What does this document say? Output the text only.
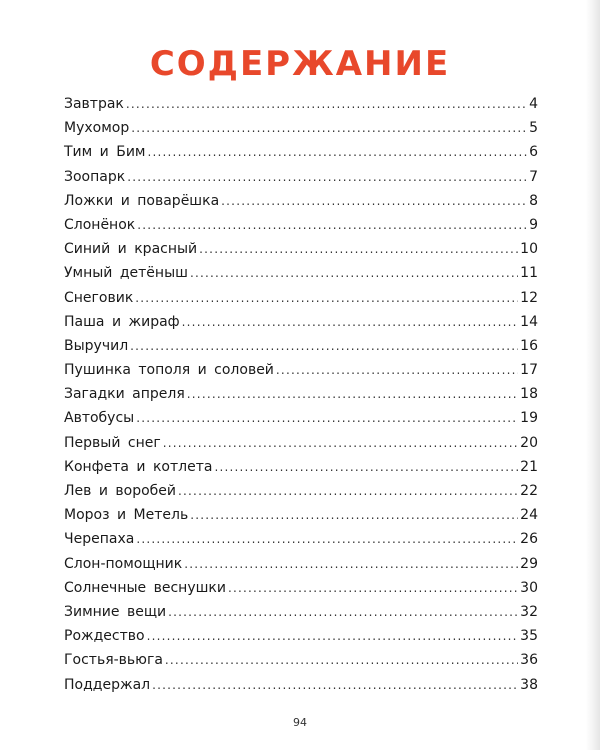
СОДЕРЖАНИЕ
Завтрак .....	4
Мухомор .....	5
Тим и Бим .....	6
Зоопарк .....	7
Ложки и поварёшка .....	8
Слонёнок .....	9
Синий и красный .....	10
Умный детёныш .....	11
Снеговик .....	12
Паша и жираф .....	14
Выручил .....	16
Пушинка тополя и соловей .....	17
Загадки апреля .....	18
Автобусы .....	19
Первый снег .....	20
Конфета и котлета .....	21
Лев и воробей .....	22
Мороз и Метель .....	24
Черепаха .....	26
Слон-помощник .....	29
Солнечные веснушки .....	30
Зимние вещи .....	32
Рождество .....	35
Гостья-вьюга .....	36
Поддержал .....	38
94
